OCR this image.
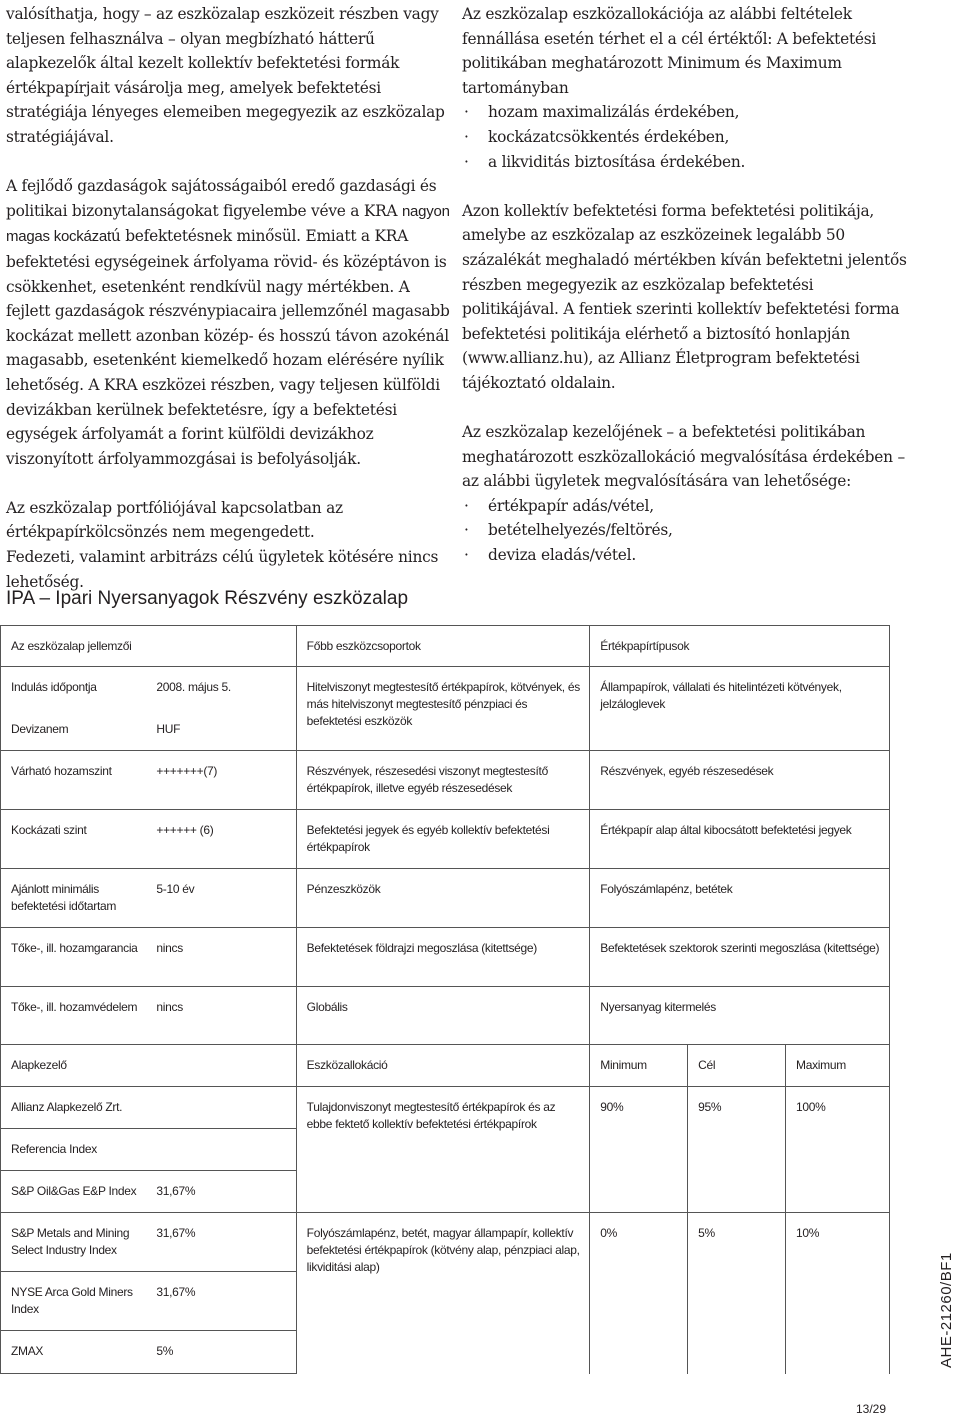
valósíthatja, hogy – az eszközalap eszközeit részben vagy teljesen felhasználva – olyan megbízható hátterű alapkezelők által kezelt kollektív befektetési formák értékpapírjait vásárolja meg, amelyek befektetési stratégiája lényeges elemeiben megegyezik az eszközalap stratégiájával.

A fejlődő gazdaságok sajátosságaiból eredő gazdasági és politikai bizonytalanságokat figyelembe véve a KRA nagyon magas kockázatú befektetésnek minősül. Emiatt a KRA befektetési egységeinek árfolyama rövid- és középtávon is csökkenhet, esetenként rendkívül nagy mértékben. A fejlett gazdaságok részvénypiacaira jellemzőnél magasabb kockázat mellett azonban közép- és hosszú távon azokénál magasabb, esetenként kiemelkedő hozam elérésére nyílik lehetőség. A KRA eszközei részben, vagy teljesen külföldi devizákban kerülnek befektetésre, így a befektetési egységek árfolyamát a forint külföldi devizákhoz viszonyított árfolyammozgásai is befolyásolják.

Az eszközalap portfóliójával kapcsolatban az értékpapírkölcsönzés nem megengedett.

Fedezeti, valamint arbitrázs célú ügyletek kötésére nincs lehetőség.

Az eszközalap eszközallokációja az alábbi feltételek fennállása esetén térhet el a cél értéktől: A befektetési politikában meghatározott Minimum és Maximum tartományban

· hozam maximalizálás érdekében,
· kockázatcsökkentés érdekében,
· a likviditás biztosítása érdekében.

Azon kollektív befektetési forma befektetési politikája, amelybe az eszközalap az eszközeinek legalább 50 százalékát meghaladó mértékben kíván befektetni jelentős részben megegyezik az eszközalap befektetési politikájával. A fentiek szerinti kollektív befektetési forma befektetési politikája elérhető a biztosító honlapján (www.allianz.hu), az Allianz Életprogram befektetési tájékoztató oldalain.

Az eszközalap kezelőjének – a befektetési politikában meghatározott eszközallokáció megvalósítása érdekében – az alábbi ügyletek megvalósítására van lehetősége:

· értékpapír adás/vétel,
· betételhelyezés/feltörés,
· deviza eladás/vétel.
IPA – Ipari Nyersanyagok Részvény eszközalap
Az eszközalap jellemzői		Főbb eszközcsoportok	Értékpapírtípusok		
Indulás időpontja	2008. május 5.	Hitelviszonyt megtestesítő értékpapírok, kötvények, és más hitelviszonyt megtestesítő pénzpiaci és befektetési eszközök	Állampapírok, vállalati és hitelintézeti kötvények, jelzáloglevek		
Devizanem	HUF				
Várható hozamszint	+++++++(7)	Részvények, részesedési viszonyt megtestesítő értékpapírok, illetve egyéb részesedések	Részvények, egyéb részesedések		
Kockázati szint	++++++ (6)	Befektetési jegyek és egyéb kollektív befektetési értékpapírok	Értékpapír alap által kibocsátott befektetési jegyek		
Ajánlott minimális befektetési időtartam	5-10 év	Pénzeszközök	Folyószámlapénz, betétek		
Tőke-, ill. hozamgarancia	nincs	Befektetések földrajzi megoszlása (kitettsége)	Befektetések szektorok szerinti megoszlása (kitettsége)		
Tőke-, ill. hozamvédelem	nincs	Globális	Nyersanyag kitermelés		
Alapkezelő		Eszközallokáció	Minimum	Cél	Maximum
Allianz Alapkezelő Zrt.		Tulajdonviszonyt megtestesítő értékpapírok és az ebbe fektető kollektív befektetési értékpapírok	90%	95%	100%
Referencia Index					
S&P Oil&Gas E&P Index	31,67%				
S&P Metals and Mining Select Industry Index	31,67%	Folyószámlapénz, betét, magyar állampapír, kollektív befektetési értékpapírok (kötvény alap, pénzpiaci alap, likviditási alap)	0%	5%	10%
NYSE Arca Gold Miners Index	31,67%				
ZMAX	5%					AHE-21260/BF1
13/29
